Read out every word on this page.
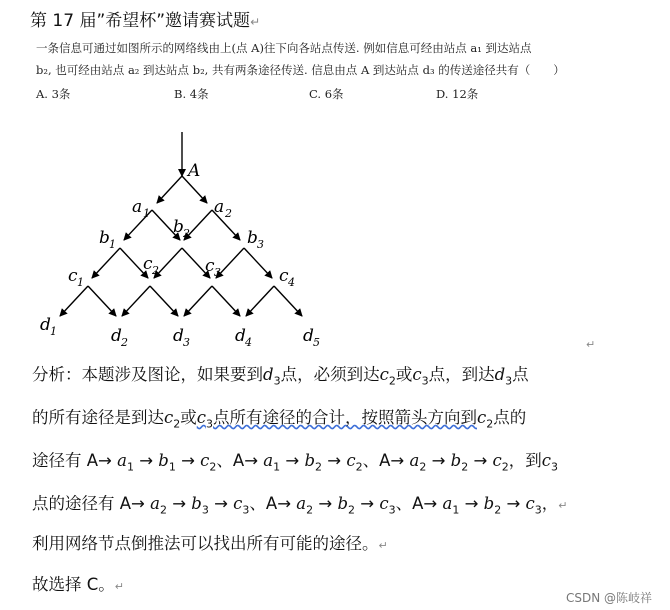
第 17 届”希望杯”邀请赛试题↵
一条信息可通过如图所示的网络线由上(点 A)往下向各站点传送. 例如信息可经由站点 a₁ 到达站点
b₂, 也可经由站点 a₂ 到达站点 b₂, 共有两条途径传送. 信息由点 A 到达站点 d₃ 的传送途径共有（　　）
A. 3条	B. 4条	C. 6条	D. 12条
A
a 1	a 2
b 1
b 2	b 3
c 1
c 2	c 3	c 4
d 1	d 2	d 3	d 4	d 5	↵
分析：本题涉及图论，如果要到$d_3$点，必须到达$c_2$或$c_3$点，到达$d_3$点
的所有途径是到达$c_2$或$c_3$点所有途径的合计，按照箭头方向到$c_2$点的
途径有 $A\to a_1 \to b_1 \to c_2$、$A\to a_1 \to b_2 \to c_2$、$A\to a_2 \to b_2 \to c_2$，到$c_3$
点的途径有 $A\to a_2 \to b_3 \to c_3$、$A\to a_2 \to b_2 \to c_3$、$A\to a_1 \to b_2 \to c_3$，↵
利用网络节点倒推法可以找出所有可能的途径。↵
故选择 C。↵
CSDN @陈岐祥
